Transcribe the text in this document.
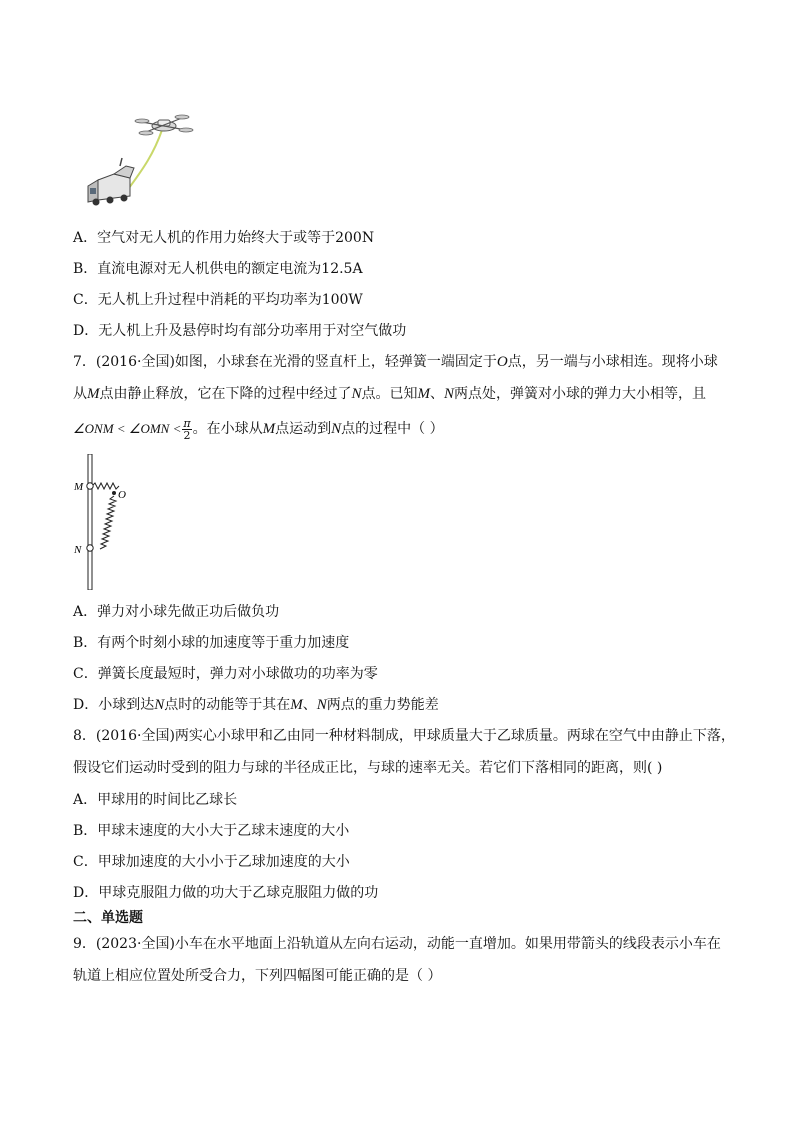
A．空气对无人机的作用力始终大于或等于200N
B．直流电源对无人机供电的额定电流为12.5A
C．无人机上升过程中消耗的平均功率为100W
D．无人机上升及悬停时均有部分功率用于对空气做功
7．(2016·全国)如图，小球套在光滑的竖直杆上，轻弹簧一端固定于O点，另一端与小球相连。现将小球
从M点由静止释放，它在下降的过程中经过了N点。已知M、N两点处，弹簧对小球的弹力大小相等，且
∠ONM < ∠OMN < $\frac{\pi}{2}$ 。在小球从M点运动到N点的过程中（ ）
M
O
N
A．弹力对小球先做正功后做负功
B．有两个时刻小球的加速度等于重力加速度
C．弹簧长度最短时，弹力对小球做功的功率为零
D．小球到达N点时的动能等于其在M、N两点的重力势能差
8．(2016·全国)两实心小球甲和乙由同一种材料制成，甲球质量大于乙球质量。两球在空气中由静止下落，
假设它们运动时受到的阻力与球的半径成正比，与球的速率无关。若它们下落相同的距离，则( )
A．甲球用的时间比乙球长
B．甲球末速度的大小大于乙球末速度的大小
C．甲球加速度的大小小于乙球加速度的大小
D．甲球克服阻力做的功大于乙球克服阻力做的功
二、单选题
9．(2023·全国)小车在水平地面上沿轨道从左向右运动，动能一直增加。如果用带箭头的线段表示小车在
轨道上相应位置处所受合力，下列四幅图可能正确的是（ ）
